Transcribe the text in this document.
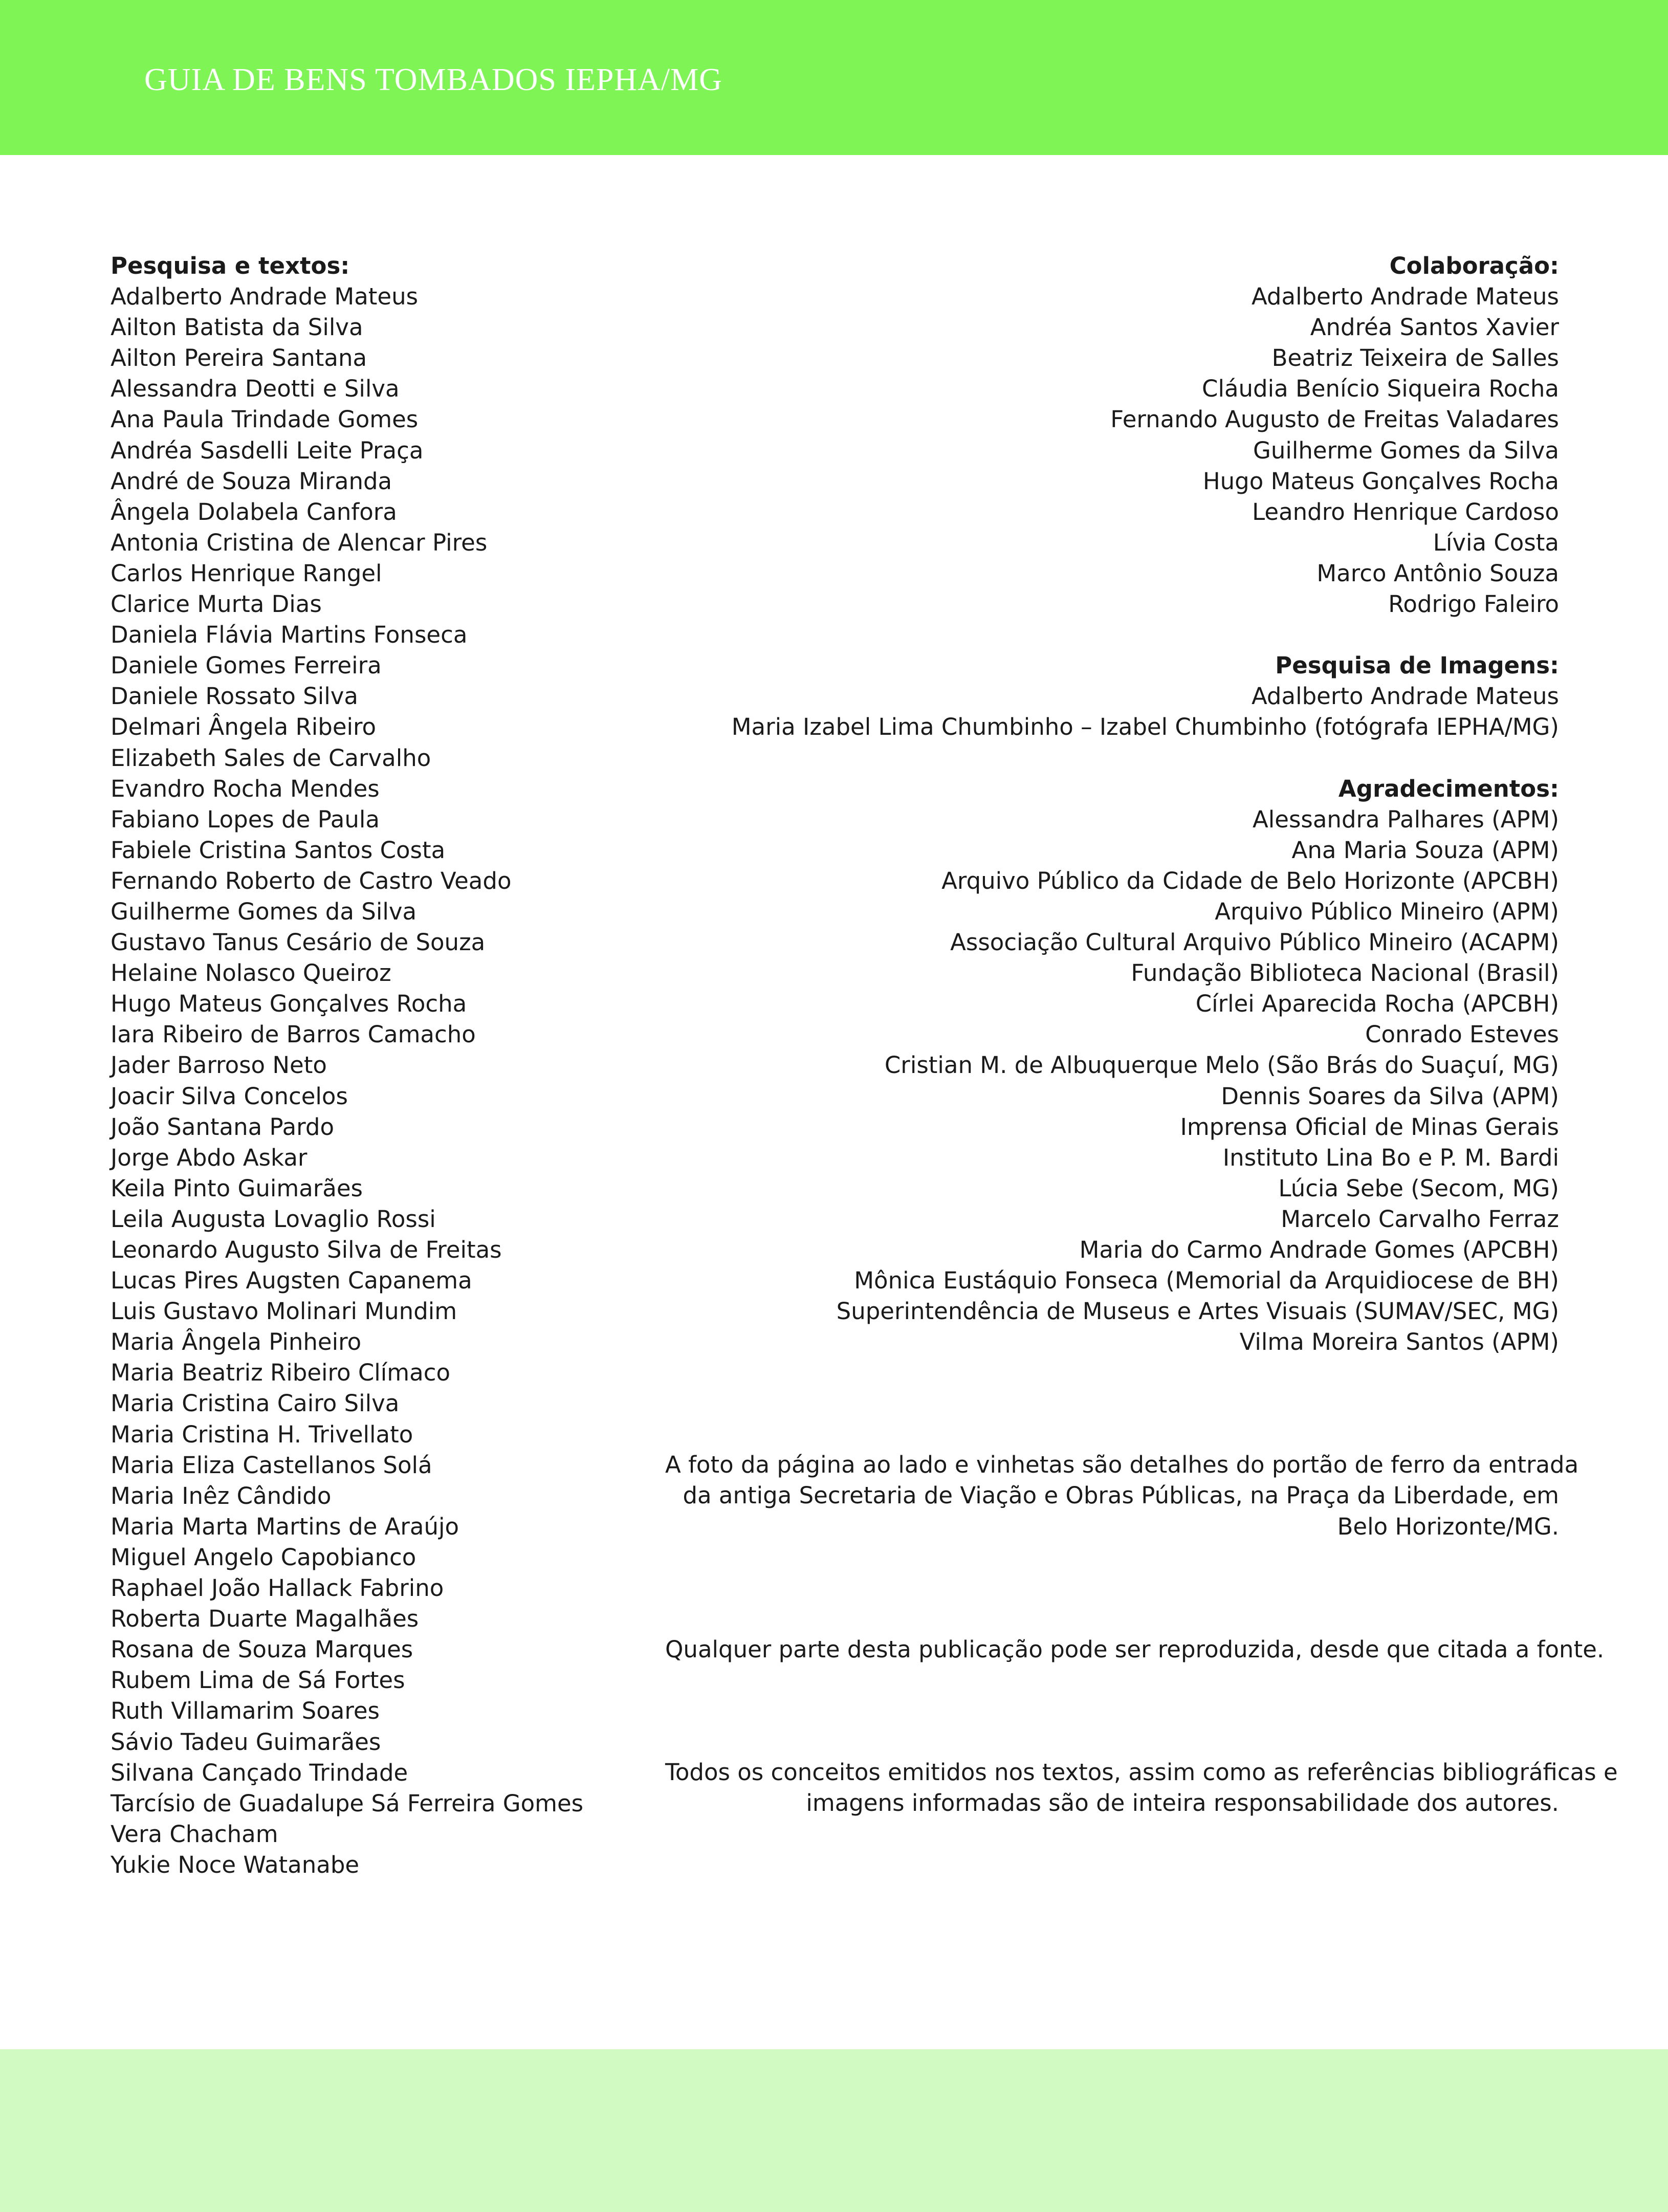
GUIA DE BENS TOMBADOS IEPHA/MG
Pesquisa e textos:
Adalberto Andrade Mateus
Ailton Batista da Silva
Ailton Pereira Santana
Alessandra Deotti e Silva
Ana Paula Trindade Gomes
Andréa Sasdelli Leite Praça
André de Souza Miranda
Ângela Dolabela Canfora
Antonia Cristina de Alencar Pires
Carlos Henrique Rangel
Clarice Murta Dias
Daniela Flávia Martins Fonseca
Daniele Gomes Ferreira
Daniele Rossato Silva
Delmari Ângela Ribeiro
Elizabeth Sales de Carvalho
Evandro Rocha Mendes
Fabiano Lopes de Paula
Fabiele Cristina Santos Costa
Fernando Roberto de Castro Veado
Guilherme Gomes da Silva
Gustavo Tanus Cesário de Souza
Helaine Nolasco Queiroz
Hugo Mateus Gonçalves Rocha
Iara Ribeiro de Barros Camacho
Jader Barroso Neto
Joacir Silva Concelos
João Santana Pardo
Jorge Abdo Askar
Keila Pinto Guimarães
Leila Augusta Lovaglio Rossi
Leonardo Augusto Silva de Freitas
Lucas Pires Augsten Capanema
Luis Gustavo Molinari Mundim
Maria Ângela Pinheiro
Maria Beatriz Ribeiro Clímaco
Maria Cristina Cairo Silva
Maria Cristina H. Trivellato
Maria Eliza Castellanos Solá
Maria Inêz Cândido
Maria Marta Martins de Araújo
Miguel Angelo Capobianco
Raphael João Hallack Fabrino
Roberta Duarte Magalhães
Rosana de Souza Marques
Rubem Lima de Sá Fortes
Ruth Villamarim Soares
Sávio Tadeu Guimarães
Silvana Cançado Trindade
Tarcísio de Guadalupe Sá Ferreira Gomes
Vera Chacham
Yukie Noce Watanabe
Colaboração:
Adalberto Andrade Mateus
Andréa Santos Xavier
Beatriz Teixeira de Salles
Cláudia Benício Siqueira Rocha
Fernando Augusto de Freitas Valadares
Guilherme Gomes da Silva
Hugo Mateus Gonçalves Rocha
Leandro Henrique Cardoso
Lívia Costa
Marco Antônio Souza
Rodrigo Faleiro
Pesquisa de Imagens:
Adalberto Andrade Mateus
Maria Izabel Lima Chumbinho – Izabel Chumbinho (fotógrafa IEPHA/MG)
Agradecimentos:
Alessandra Palhares (APM)
Ana Maria Souza (APM)
Arquivo Público da Cidade de Belo Horizonte (APCBH)
Arquivo Público Mineiro (APM)
Associação Cultural Arquivo Público Mineiro (ACAPM)
Fundação Biblioteca Nacional (Brasil)
Círlei Aparecida Rocha (APCBH)
Conrado Esteves
Cristian M. de Albuquerque Melo (São Brás do Suaçuí, MG)
Dennis Soares da Silva (APM)
Imprensa Oficial de Minas Gerais
Instituto Lina Bo e P. M. Bardi
Lúcia Sebe (Secom, MG)
Marcelo Carvalho Ferraz
Maria do Carmo Andrade Gomes (APCBH)
Mônica Eustáquio Fonseca (Memorial da Arquidiocese de BH)
Superintendência de Museus e Artes Visuais (SUMAV/SEC, MG)
Vilma Moreira Santos (APM)
A foto da página ao lado e vinhetas são detalhes do portão de ferro da entrada
da antiga Secretaria de Viação e Obras Públicas, na Praça da Liberdade, em
Belo Horizonte/MG.
Qualquer parte desta publicação pode ser reproduzida, desde que citada a fonte.
Todos os conceitos emitidos nos textos, assim como as referências bibliográficas e
imagens informadas são de inteira responsabilidade dos autores.
